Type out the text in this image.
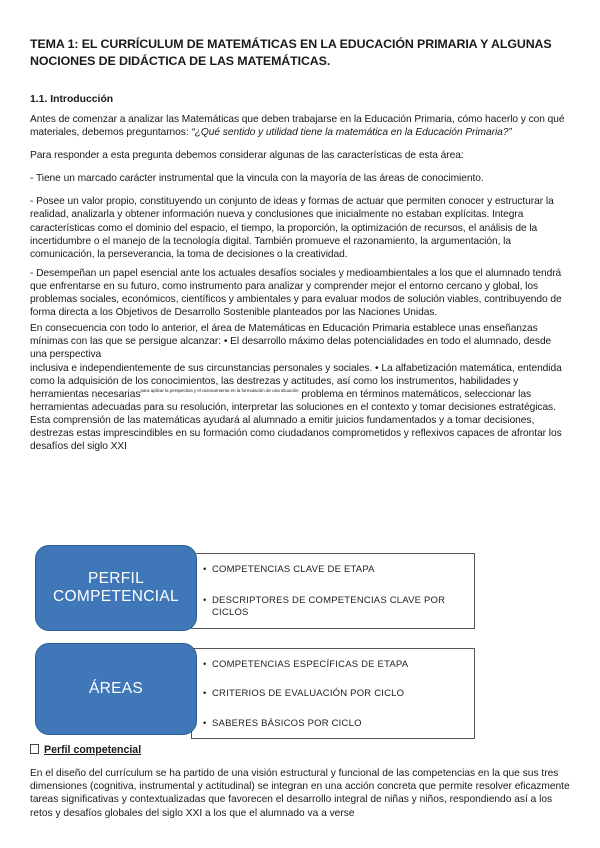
TEMA 1: EL CURRÍCULUM DE MATEMÁTICAS EN LA EDUCACIÓN PRIMARIA Y ALGUNAS NOCIONES DE DIDÁCTICA DE LAS MATEMÁTICAS.
1.1. Introducción

Antes de comenzar a analizar las Matemáticas que deben trabajarse en la Educación Primaria, cómo hacerlo y con qué materiales, debemos preguntarnos: “¿Qué sentido y utilidad tiene la matemática en la Educación Primaria?”

Para responder a esta pregunta debemos considerar algunas de las características de esta área:

- Tiene un marcado carácter instrumental que la vincula con la mayoría de las áreas de conocimiento.

- Posee un valor propio, constituyendo un conjunto de ideas y formas de actuar que permiten conocer y estructurar la realidad, analizarla y obtener información nueva y conclusiones que inicialmente no estaban explícitas. Integra características como el dominio del espacio, el tiempo, la proporción, la optimización de recursos, el análisis de la incertidumbre o el manejo de la tecnología digital. También promueve el razonamiento, la argumentación, la comunicación, la perseverancia, la toma de decisiones o la creatividad.

- Desempeñan un papel esencial ante los actuales desafíos sociales y medioambientales a los que el alumnado tendrá que enfrentarse en su futuro, como instrumento para analizar y comprender mejor el entorno cercano y global, los problemas sociales, económicos, científicos y ambientales y para evaluar modos de solución viables, contribuyendo de forma directa a los Objetivos de Desarrollo Sostenible planteados por las Naciones Unidas.

En consecuencia con todo lo anterior, el área de Matemáticas en Educación Primaria establece unas enseñanzas mínimas con las que se persigue alcanzar: • El desarrollo máximo delas potencialidades en todo el alumnado, desde una perspectiva
inclusiva e independientemente de sus circunstancias personales y sociales. • La alfabetización matemática, entendida como la adquisición de los conocimientos, las destrezas y actitudes, así como los instrumentos, habilidades y herramientas necesarias$^{para aplicar la perspectiva y el razonamiento en la formulación de una situación}$ problema en términos matemáticos, seleccionar las herramientas adecuadas para su resolución, interpretar las soluciones en el contexto y tomar decisiones estratégicas. Esta comprensión de las matemáticas ayudará al alumnado a emitir juicios fundamentados y a tomar decisiones, destrezas estas imprescindibles en su formación como ciudadanos comprometidos y reflexivos capaces de afrontar los desafíos del siglo XXI

• COMPETENCIAS CLAVE DE ETAPA
• DESCRIPTORES DE COMPETENCIAS CLAVE POR CICLOS
PERFIL
COMPETENCIAL
• COMPETENCIAS ESPECÍFICAS DE ETAPA
• CRITERIOS DE EVALUACIÓN POR CICLO
• SABERES BÁSICOS POR CICLO
ÁREAS
Perfil competencial
En el diseño del currículum se ha partido de una visión estructural y funcional de las competencias en la que sus tres dimensiones (cognitiva, instrumental y actitudinal) se integran en una acción concreta que permite resolver eficazmente tareas significativas y contextualizadas que favorecen el desarrollo integral de niñas y niños, respondiendo así a los retos y desafíos globales del siglo XXI a los que el alumnado va a verse
